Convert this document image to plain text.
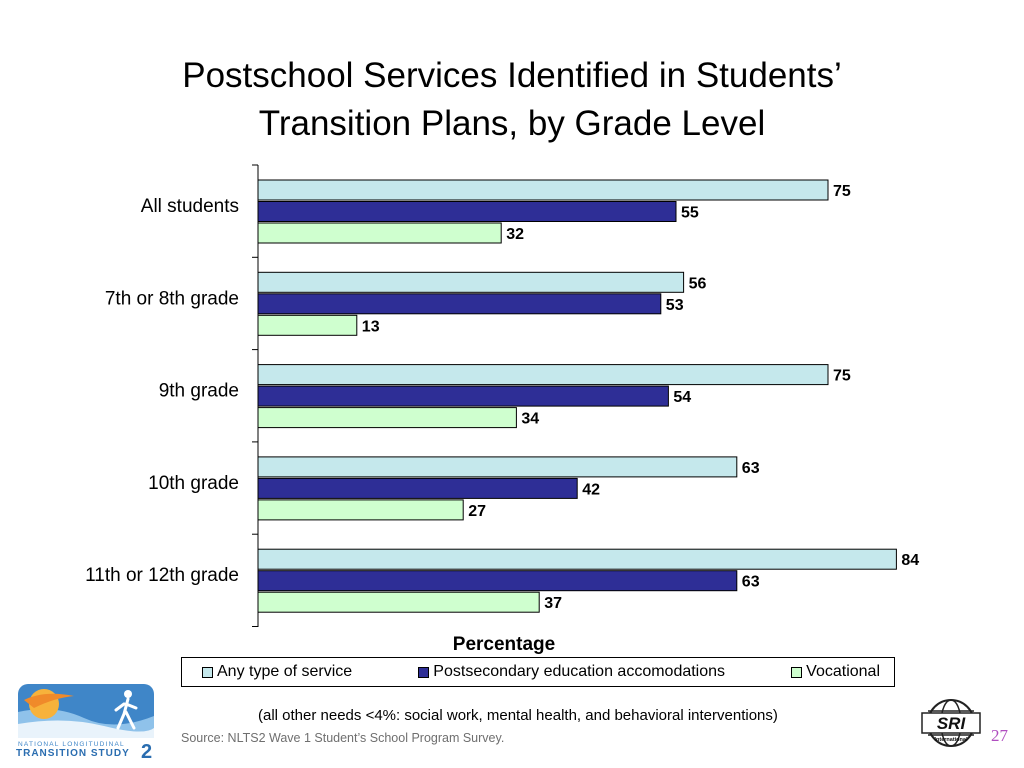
Postschool Services Identified in Students’
Transition Plans, by Grade Level
All students
75
55
32
7th or 8th grade
56
53
13
9th grade
75
54
34
10th grade
63
42
27
11th or 12th grade
84
63
37
Percentage
Any type of service	Postsecondary education accomodations	Vocational
(all other needs <4%: social work, mental health, and behavioral interventions)
Source: NLTS2 Wave 1 Student’s School Program Survey.	27
NATIONAL LONGITUDINAL
TRANSITION STUDY 2
SRI
International
